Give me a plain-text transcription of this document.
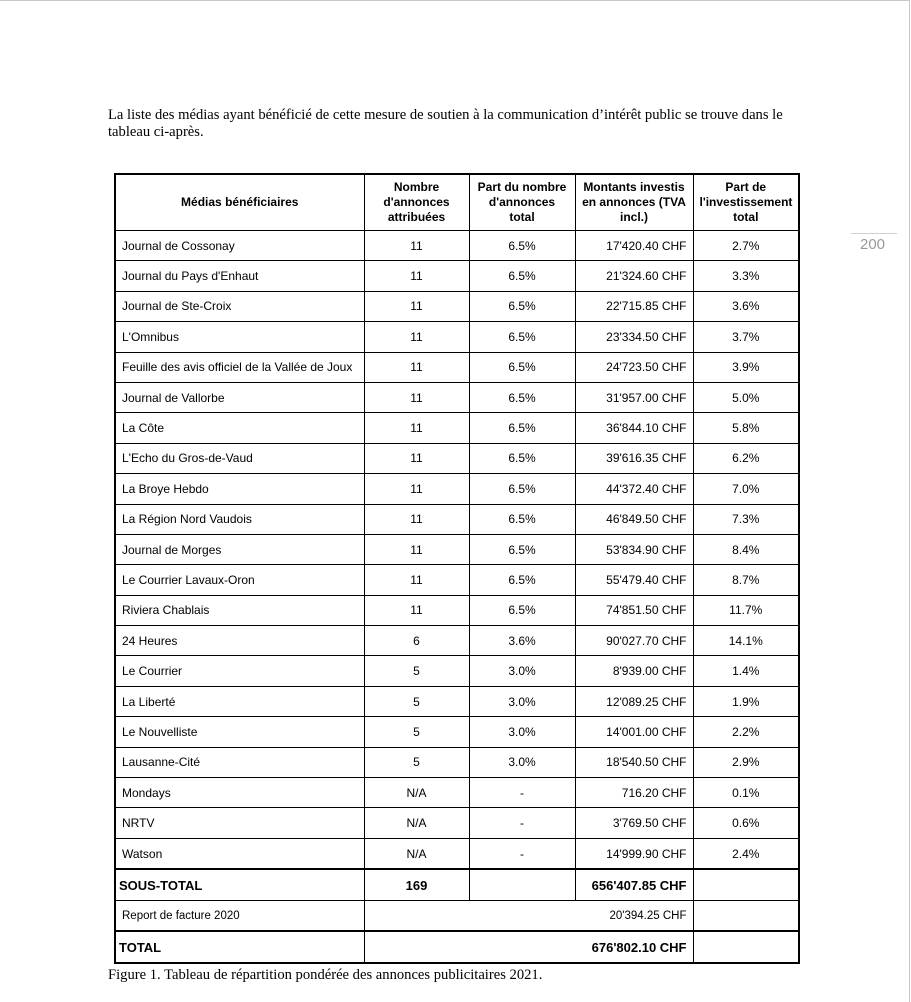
200

La liste des médias ayant bénéficié de cette mesure de soutien à la communication d’intérêt public se trouve dans le tableau ci-après.

Médias bénéficiaires	Nombre d'annonces attribuées	Part du nombre d'annonces total	Montants investis en annonces (TVA incl.)	Part de l'investissement total
Journal de Cossonay	11	6.5%	17'420.40 CHF	2.7%
Journal du Pays d'Enhaut	11	6.5%	21'324.60 CHF	3.3%
Journal de Ste-Croix	11	6.5%	22'715.85 CHF	3.6%
L'Omnibus	11	6.5%	23'334.50 CHF	3.7%
Feuille des avis officiel de la Vallée de Joux	11	6.5%	24'723.50 CHF	3.9%
Journal de Vallorbe	11	6.5%	31'957.00 CHF	5.0%
La Côte	11	6.5%	36'844.10 CHF	5.8%
L'Echo du Gros-de-Vaud	11	6.5%	39'616.35 CHF	6.2%
La Broye Hebdo	11	6.5%	44'372.40 CHF	7.0%
La Région Nord Vaudois	11	6.5%	46'849.50 CHF	7.3%
Journal de Morges	11	6.5%	53'834.90 CHF	8.4%
Le Courrier Lavaux-Oron	11	6.5%	55'479.40 CHF	8.7%
Riviera Chablais	11	6.5%	74'851.50 CHF	11.7%
24 Heures	6	3.6%	90'027.70 CHF	14.1%
Le Courrier	5	3.0%	8'939.00 CHF	1.4%
La Liberté	5	3.0%	12'089.25 CHF	1.9%
Le Nouvelliste	5	3.0%	14'001.00 CHF	2.2%
Lausanne-Cité	5	3.0%	18'540.50 CHF	2.9%
Mondays	N/A	-	716.20 CHF	0.1%
NRTV	N/A	-	3'769.50 CHF	0.6%
Watson	N/A	-	14'999.90 CHF	2.4%
SOUS-TOTAL	169		656'407.85 CHF	
Report de facture 2020	20'394.25 CHF			
TOTAL	676'802.10 CHF			
Figure 1. Tableau de répartition pondérée des annonces publicitaires 2021.
